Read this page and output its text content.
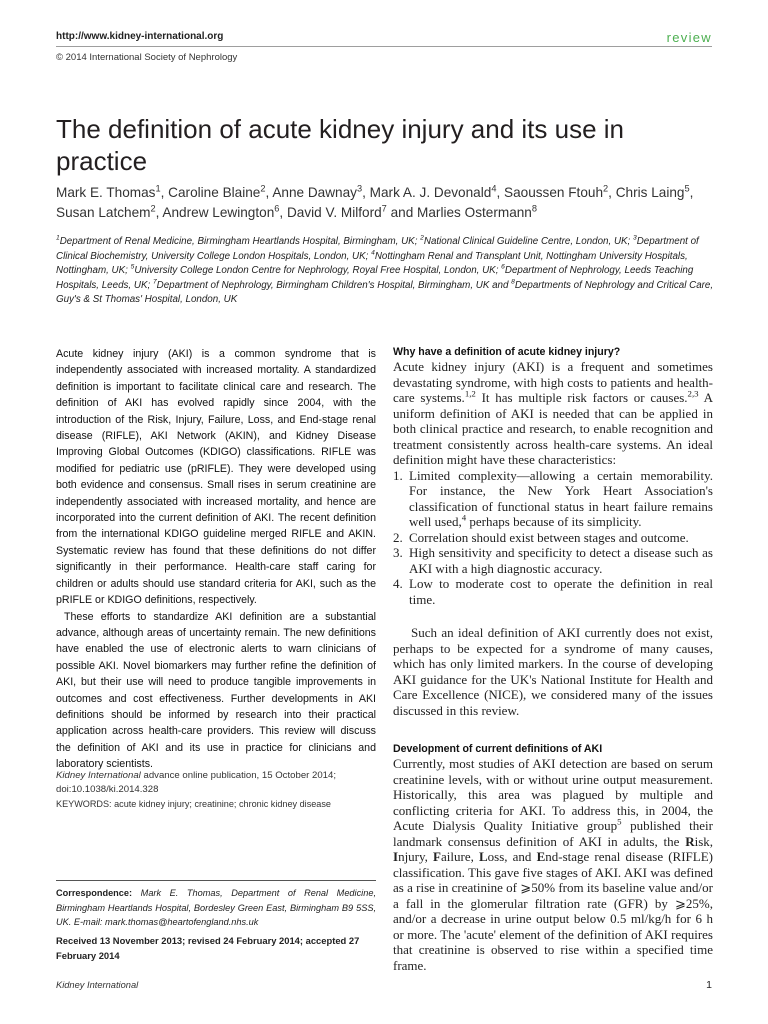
http://www.kidney-international.org
© 2014 International Society of Nephrology
review
The definition of acute kidney injury and its use in practice
Mark E. Thomas$^1$, Caroline Blaine$^2$, Anne Dawnay$^3$, Mark A. J. Devonald$^4$, Saoussen Ftouh$^2$, Chris Laing$^5$, Susan Latchem$^2$, Andrew Lewington$^6$, David V. Milford$^7$ and Marlies Ostermann$^8$
$^1$Department of Renal Medicine, Birmingham Heartlands Hospital, Birmingham, UK; $^2$National Clinical Guideline Centre, London, UK; $^3$Department of Clinical Biochemistry, University College London Hospitals, London, UK; $^4$Nottingham Renal and Transplant Unit, Nottingham University Hospitals, Nottingham, UK; $^5$University College London Centre for Nephrology, Royal Free Hospital, London, UK; $^6$Department of Nephrology, Leeds Teaching Hospitals, Leeds, UK; $^7$Department of Nephrology, Birmingham Children's Hospital, Birmingham, UK and $^8$Departments of Nephrology and Critical Care, Guy's & St Thomas' Hospital, London, UK

Acute kidney injury (AKI) is a common syndrome that is independently associated with increased mortality. A standardized definition is important to facilitate clinical care and research. The definition of AKI has evolved rapidly since 2004, with the introduction of the Risk, Injury, Failure, Loss, and End-stage renal disease (RIFLE), AKI Network (AKIN), and Kidney Disease Improving Global Outcomes (KDIGO) classifications. RIFLE was modified for pediatric use (pRIFLE). They were developed using both evidence and consensus. Small rises in serum creatinine are independently associated with increased mortality, and hence are incorporated into the current definition of AKI. The recent definition from the international KDIGO guideline merged RIFLE and AKIN. Systematic review has found that these definitions do not differ significantly in their performance. Health-care staff caring for children or adults should use standard criteria for AKI, such as the pRIFLE or KDIGO definitions, respectively.

These efforts to standardize AKI definition are a substantial advance, although areas of uncertainty remain. The new definitions have enabled the use of electronic alerts to warn clinicians of possible AKI. Novel biomarkers may further refine the definition of AKI, but their use will need to produce tangible improvements in outcomes and cost effectiveness. Further developments in AKI definitions should be informed by research into their practical application across health-care providers. This review will discuss the definition of AKI and its use in practice for clinicians and laboratory scientists.

Kidney International advance online publication, 15 October 2014;
doi:10.1038/ki.2014.328
KEYWORDS: acute kidney injury; creatinine; chronic kidney disease
Correspondence: Mark E. Thomas, Department of Renal Medicine, Birmingham Heartlands Hospital, Bordesley Green East, Birmingham B9 5SS, UK. E-mail: mark.thomas@heartofengland.nhs.uk
Received 13 November 2013; revised 24 February 2014; accepted 27 February 2014
Why have a definition of acute kidney injury?

Acute kidney injury (AKI) is a frequent and sometimes devastating syndrome, with high costs to patients and health-care systems.$^{1,2}$ It has multiple risk factors or causes.$^{2,3}$ A uniform definition of AKI is needed that can be applied in both clinical practice and research, to enable recognition and treatment consistently across health-care systems. An ideal definition might have these characteristics:

1. Limited complexity—allowing a certain memorability. For instance, the New York Heart Association's classification of functional status in heart failure remains well used,$^4$ perhaps because of its simplicity.
2. Correlation should exist between stages and outcome.
3. High sensitivity and specificity to detect a disease such as AKI with a high diagnostic accuracy.
4. Low to moderate cost to operate the definition in real time.
Such an ideal definition of AKI currently does not exist, perhaps to be expected for a syndrome of many causes, which has only limited markers. In the course of developing AKI guidance for the UK's National Institute for Health and Care Excellence (NICE), we considered many of the issues discussed in this review.
Development of current definitions of AKI
Currently, most studies of AKI detection are based on serum creatinine levels, with or without urine output measurement. Historically, this area was plagued by multiple and conflicting criteria for AKI. To address this, in 2004, the Acute Dialysis Quality Initiative group$^5$ published their landmark consensus definition of AKI in adults, the Risk, Injury, Failure, Loss, and End-stage renal disease (RIFLE) classification. This gave five stages of AKI. AKI was defined as a rise in creatinine of ⩾50% from its baseline value and/or a fall in the glomerular filtration rate (GFR) by ⩾25%, and/or a decrease in urine output below 0.5 ml/kg/h for 6 h or more. The 'acute' element of the definition of AKI requires that creatinine is observed to rise within a specified time frame.
Kidney International	1
